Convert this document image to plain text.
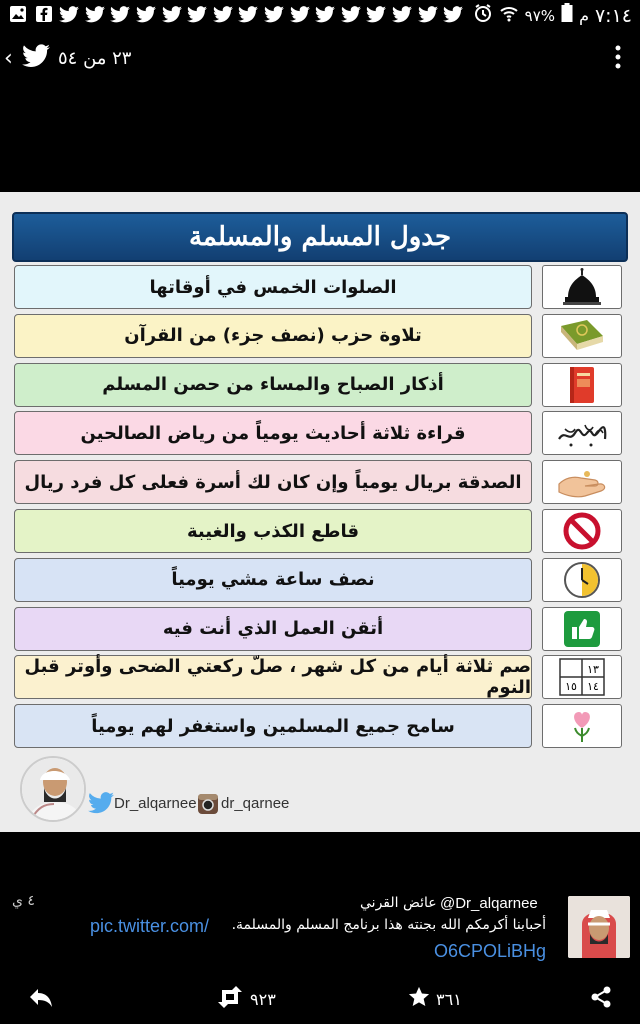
٩٧% م ٧:١٤
‹	٢٣ من ٥٤
جدول المسلم والمسلمة
الصلوات الخمس في أوقاتها
تلاوة حزب (نصف جزء) من القرآن
أذكار الصباح والمساء من حصن المسلم
قراءة ثلاثة أحاديث يومياً من رياض الصالحين
الصدقة بريال يومياً وإن كان لك أسرة فعلى كل فرد ريال
قاطع الكذب والغيبة
نصف ساعة مشي يومياً
أتقن العمل الذي أنت فيه
صم ثلاثة أيام من كل شهر ، صلّ ركعتي الضحى وأوتر قبل النوم
١٣
١٤
١٥
سامح جميع المسلمين واستغفر لهم يومياً
Dr_alqarnee dr_qarnee
عائض القرني @Dr_alqarnee
٤ ي
أحبابنا أكرمكم الله بجنته هذا برنامج المسلم والمسلمة.
pic.twitter.com/
O6CPOLiBHg
٩٢٣	٣٦١
